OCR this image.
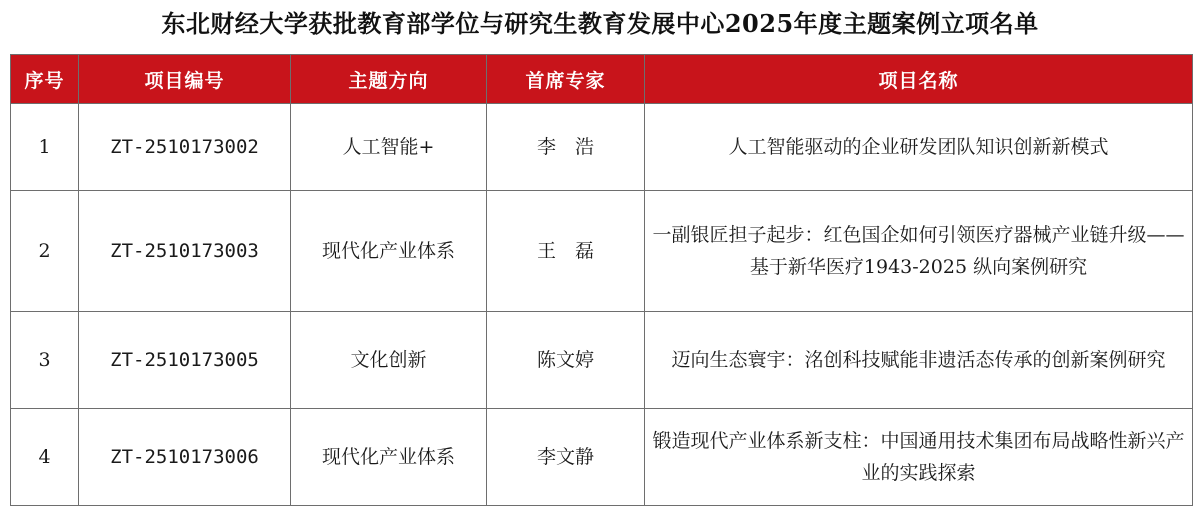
东北财经大学获批教育部学位与研究生教育发展中心2025年度主题案例立项名单
序号	项目编号	主题方向	首席专家	项目名称
1	ZT-2510173002	人工智能+	李　浩	人工智能驱动的企业研发团队知识创新新模式
2	ZT-2510173003	现代化产业体系	王　磊	一副银匠担子起步：红色国企如何引领医疗器械产业链升级——基于新华医疗1943-2025 纵向案例研究
3	ZT-2510173005	文化创新	陈文婷	迈向生态寰宇：洺创科技赋能非遗活态传承的创新案例研究
4	ZT-2510173006	现代化产业体系	李文静	锻造现代产业体系新支柱：中国通用技术集团布局战略性新兴产业的实践探索
